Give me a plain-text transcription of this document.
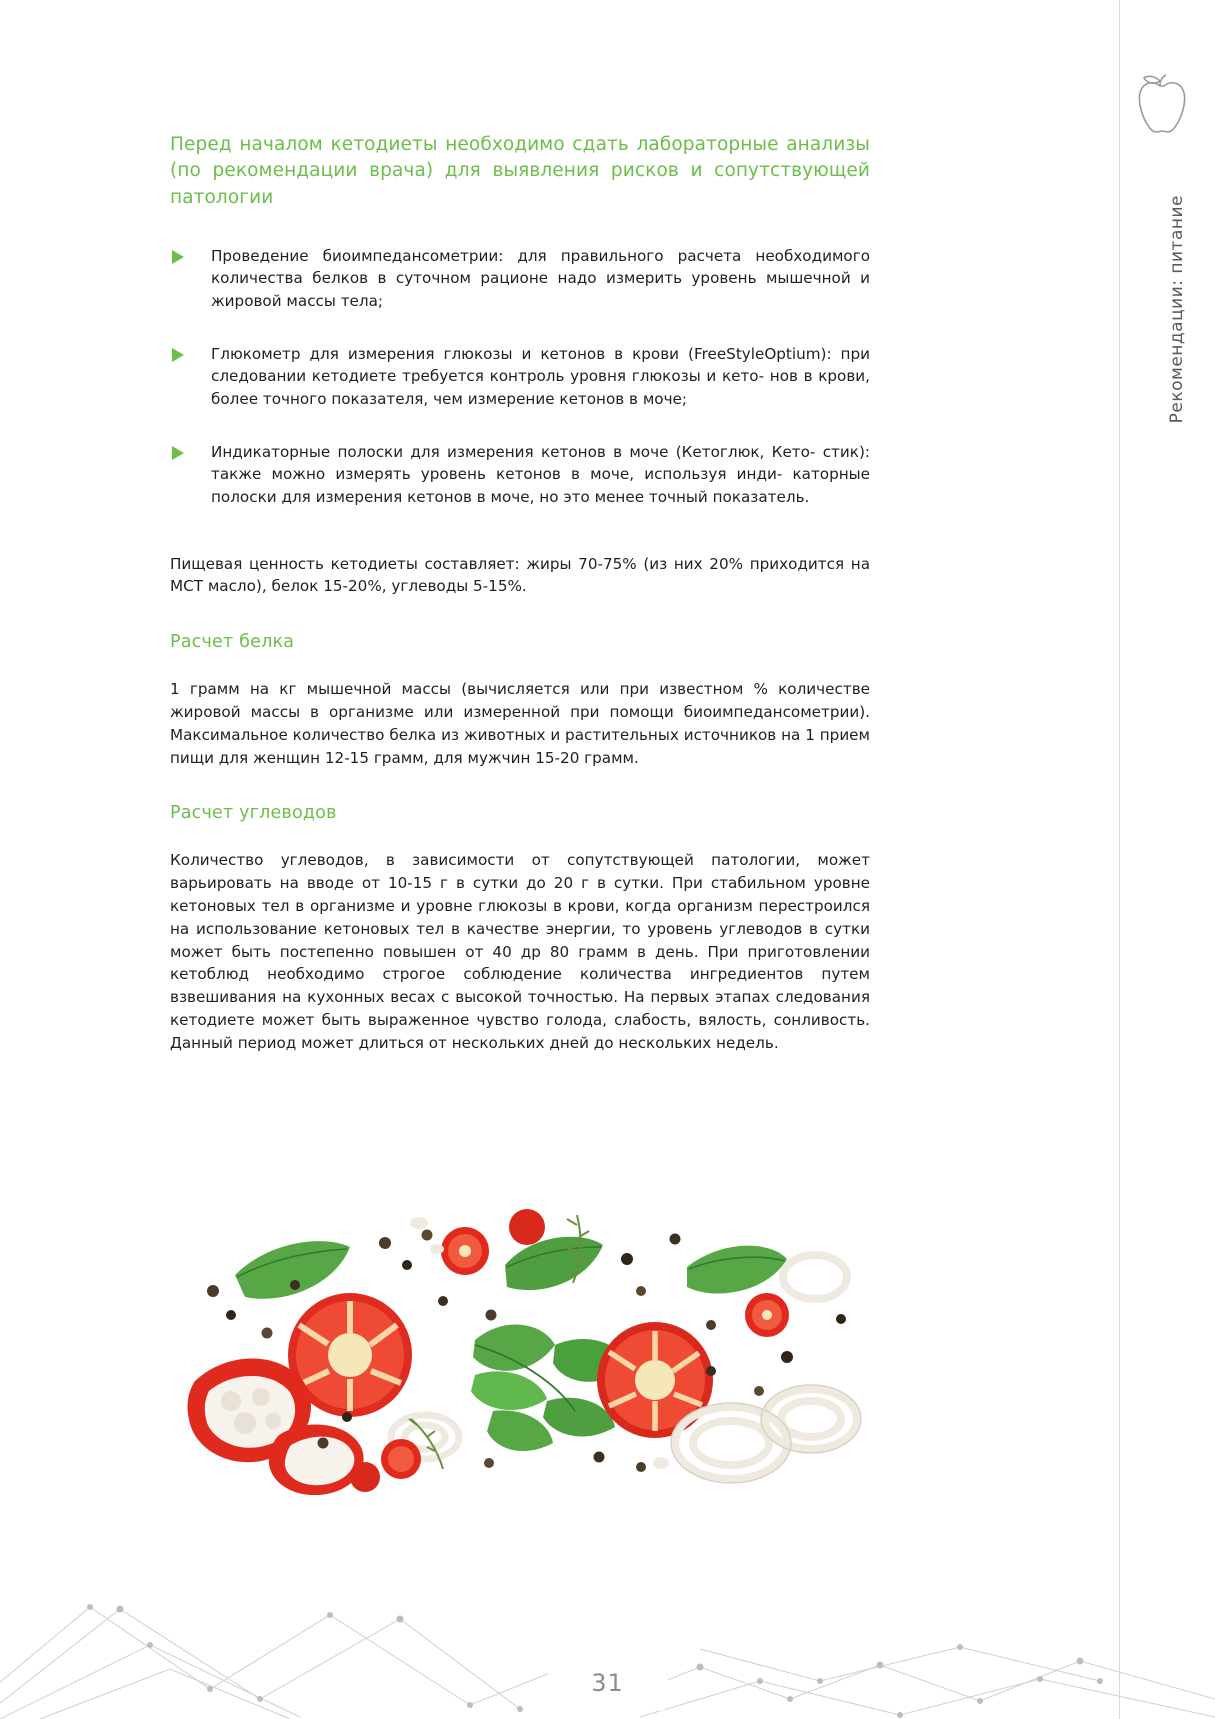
Рекомендации: питание
Перед началом кетодиеты необходимо сдать лабораторные анализы (по рекомендации врача) для выявления рисков и сопутствующей патологии
Проведение биоимпедансометрии: для правильного расчета необходимого количества белков в суточном рационе надо измерить уровень мышечной и жировой массы тела;
Глюкометр для измерения глюкозы и кетонов в крови (FreeStyleOptium): при следовании кетодиете требуется контроль уровня глюкозы и кето- нов в крови, более точного показателя, чем измерение кетонов в моче;
Индикаторные полоски для измерения кетонов в моче (Кетоглюк, Кето- стик): также можно измерять уровень кетонов в моче, используя инди- каторные полоски для измерения кетонов в моче, но это менее точный показатель.

Пищевая ценность кетодиеты составляет: жиры 70-75% (из них 20% приходится на МСТ масло), белок 15-20%, углеводы 5-15%.

Расчет белка

1 грамм на кг мышечной массы (вычисляется или при известном % количестве жировой массы в организме или измеренной при помощи биоимпедансометрии). Максимальное количество белка из животных и растительных источников на 1 прием пищи для женщин 12-15 грамм, для мужчин 15-20 грамм.

Расчет углеводов

Количество углеводов, в зависимости от сопутствующей патологии, может варьировать на вводе от 10-15 г в сутки до 20 г в сутки. При стабильном уровне кетоновых тел в организме и уровне глюкозы в крови, когда организм перестроился на использование кетоновых тел в качестве энергии, то уровень углеводов в сутки может быть постепенно повышен от 40 др 80 грамм в день. При приготовлении кетоблюд необходимо строгое соблюдение количества ингредиентов путем взвешивания на кухонных весах с высокой точностью. На первых этапах следования кетодиете может быть выраженное чувство голода, слабость, вялость, сонливость. Данный период может длиться от нескольких дней до нескольких недель.

31
